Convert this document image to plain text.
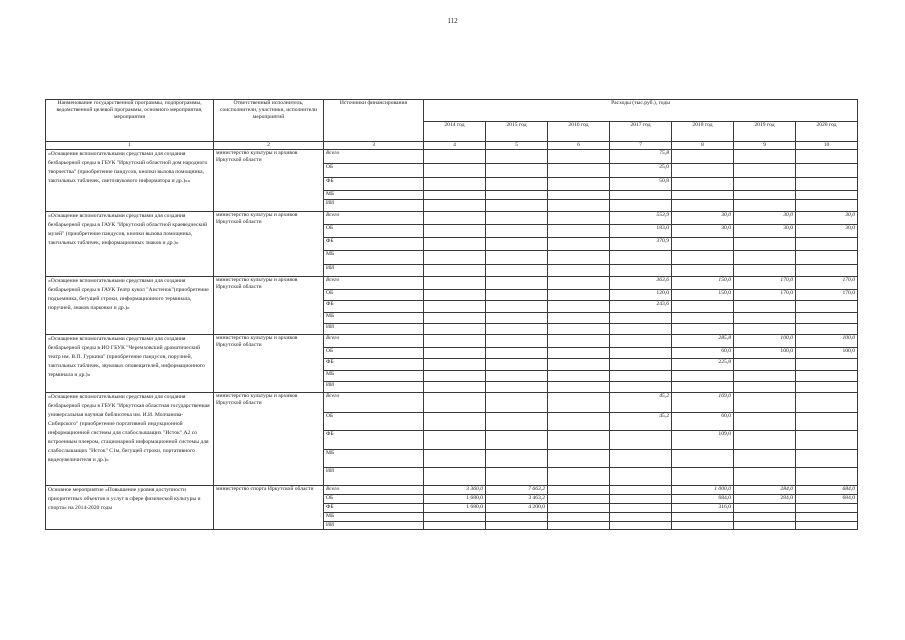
112
Наименование государственной программы, подпрограммы, ведомственной целевой программы, основного мероприятия, мероприятия	Ответственный исполнитель, соисполнители, участники, исполнители мероприятий	Источники финансирования	Расходы (тыс.руб.), годы						
			2014 год	2015 год	2016 год	2017 год	2018 год	2019 год	2020 год
1	2	3	4	5	6	7	8	9	10
«Оснащение вспомогательными средствами для создания безбарьерной среды в ГБУК "Иркутский областной дом народного творчества" (приобретение пандусов, кнопки вызова помощника, тактильных табличек, светозвукового информатора и др.)»«	министерство культуры и архивов Иркутской области	Всего				75,8			
		ОБ				25,0			
		ФБ				50,8			
		МБ							
		ИИ							
«Оснащение вспомогательными средствами для создания безбарьерной среды в ГАУК "Иркутский областной краеведческий музей" (приобретение пандусов, кнопки вызова помощника, тактильных табличек, информационных знаков и др.)»	министерство культуры и архивов Иркутской области	Всего				553,9	30,0	30,0	30,0
		ОБ				183,0	30,0	30,0	30,0
		ФБ				370,9			
		МБ							
		ИИ							
«Оснащение вспомогательными средствами для создания безбарьерной среды в ГАУК Театр кукол "Аистенок"(приобретение подъемника, бегущей строки, информационного терминала, поручней, знаков парковки и др.)»	министерство культуры и архивов Иркутской области	Всего				363,6	150,0	170,0	170,0
		ОБ				120,0	150,0	170,0	170,0
		ФБ				243,6			
		МБ							
		ИИ							
«Оснащение вспомогательными средствами для создания безбарьерной среды в ИО ГБУК "Черемховский драматический театр им. В.П. Гуркина" (приобретение пандусов, поручней, тактильных табличек, звуковых оповещателей, информационного терминала и др.)»	министерство культуры и архивов Иркутской области	Всего					285,8	100,0	100,0
		ОБ					60,0	100,0	100,0
		ФБ					225,8		
		МБ							
		ИИ							
«Оснащение вспомогательными средствами для создания безбарьерной среды в ГБУК "Иркутская областная государственная универсальная научная библиотека им. И.И. Молчанова-Сибирского" (приобретение портативной индукционной информационной системы для слабослышащих "Исток" А2 со встроенным плеером, стационарной информационной системы для слабослышащих "Исток" С1м, бегущей строки, портативного видеоувеличителя и др.)»	министерство культуры и архивов Иркутской области	Всего				45,2	169,0		
		ОБ				45,2	60,0		
		ФБ					109,0		
		МБ							
		ИИ							
Основное мероприятие «Повышение уровня доступности приоритетных объектов и услуг в сфере физической культуры и спорта» на 2014-2020 годы	министерство спорта Иркутской области	Всего	3 360,0	7 663,2			1 000,0	284,0	684,0
		ОБ	1 680,0	3 463,2			684,0	284,0	684,0
		ФБ	1 680,0	4 200,0			316,0		
		МБ							
		ИИ							
